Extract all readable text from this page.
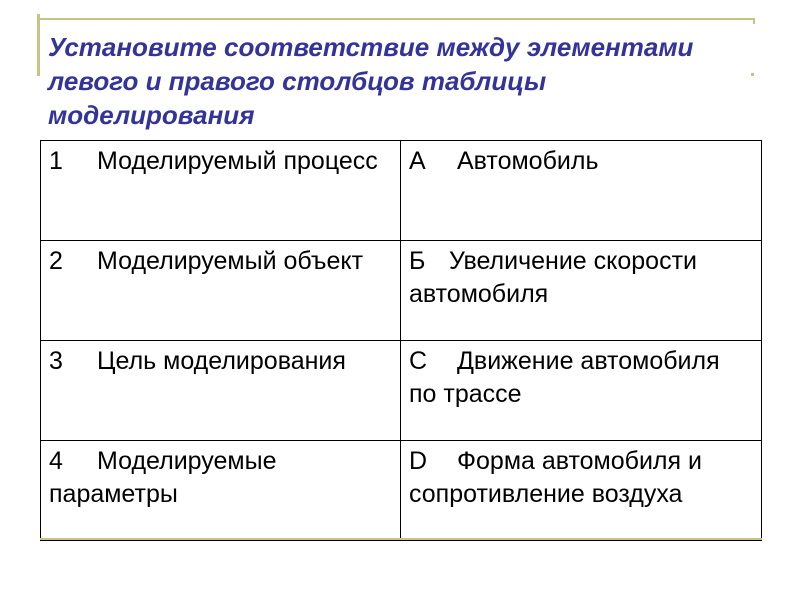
Установите соответствие между элементами левого и правого столбцов таблицы моделирования
1 Моделируемый процесс	А Автомобиль
2 Моделируемый объект	Б Увеличение скорости автомобиля
3 Цель моделирования	С Движение автомобиля по трассе
4 Моделируемые параметры	D Форма автомобиля и сопротивление воздуха
